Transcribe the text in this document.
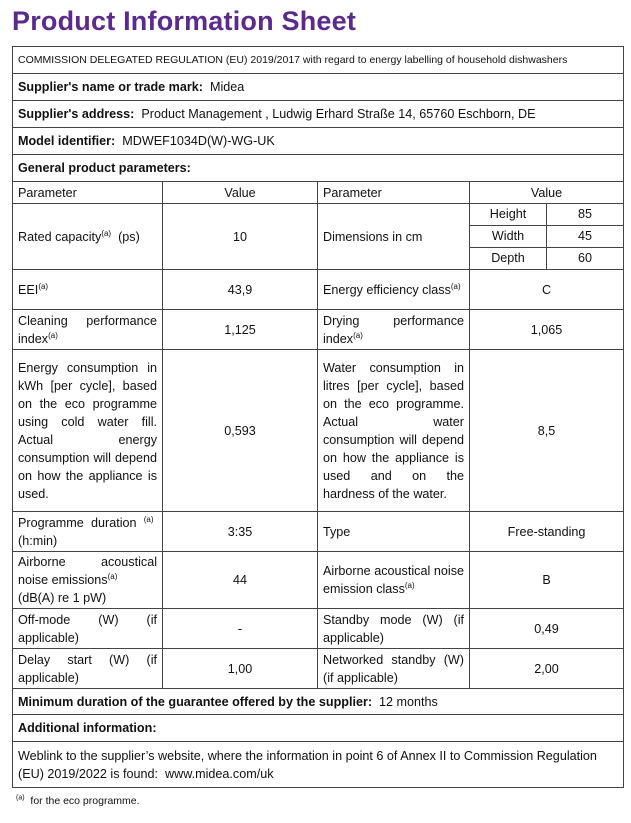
Product Information Sheet
COMMISSION DELEGATED REGULATION (EU) 2019/2017 with regard to energy labelling of household dishwashers
Supplier's name or trade mark: Midea
Supplier's address: Product Management , Ludwig Erhard Straße 14, 65760 Eschborn, DE
Model identifier: MDWEF1034D(W)-WG-UK
General product parameters:
Parameter	Value	Parameter	Value
Rated capacity$^{(a)}$ (ps)	10	Dimensions in cm	
Height	85
Width	45
Depth	60

EEI$^{(a)}$	43,9	Energy efficiency class$^{(a)}$	C
Cleaning performance index$^{(a)}$	1,125	Drying performance index$^{(a)}$	1,065
Energy consumption in kWh [per cycle], based on the eco programme using cold water fill. Actual energy consumption will depend on how the appliance is used.	0,593	Water consumption in litres [per cycle], based on the eco programme. Actual water consumption will depend on how the appliance is used and on the hardness of the water.	8,5
Programme duration $^{(a)}$  (h:min)	3:35	Type	Free-standing
Airborne acoustical noise emissions$^{(a)}$
(dB(A) re 1 pW)	44	Airborne acoustical noise emission class$^{(a)}$	B
Off-mode (W) (if applicable)	-	Standby mode (W) (if applicable)	0,49
Delay start (W) (if applicable)	1,00	Networked standby (W) (if applicable)	2,00
Minimum duration of the guarantee offered by the supplier: 12 months
Additional information:
Weblink to the supplier’s website, where the information in point 6 of Annex II to Commission Regulation (EU) 2019/2022 is found: www.midea.com/uk
$^{(a)}$ for the eco programme.
